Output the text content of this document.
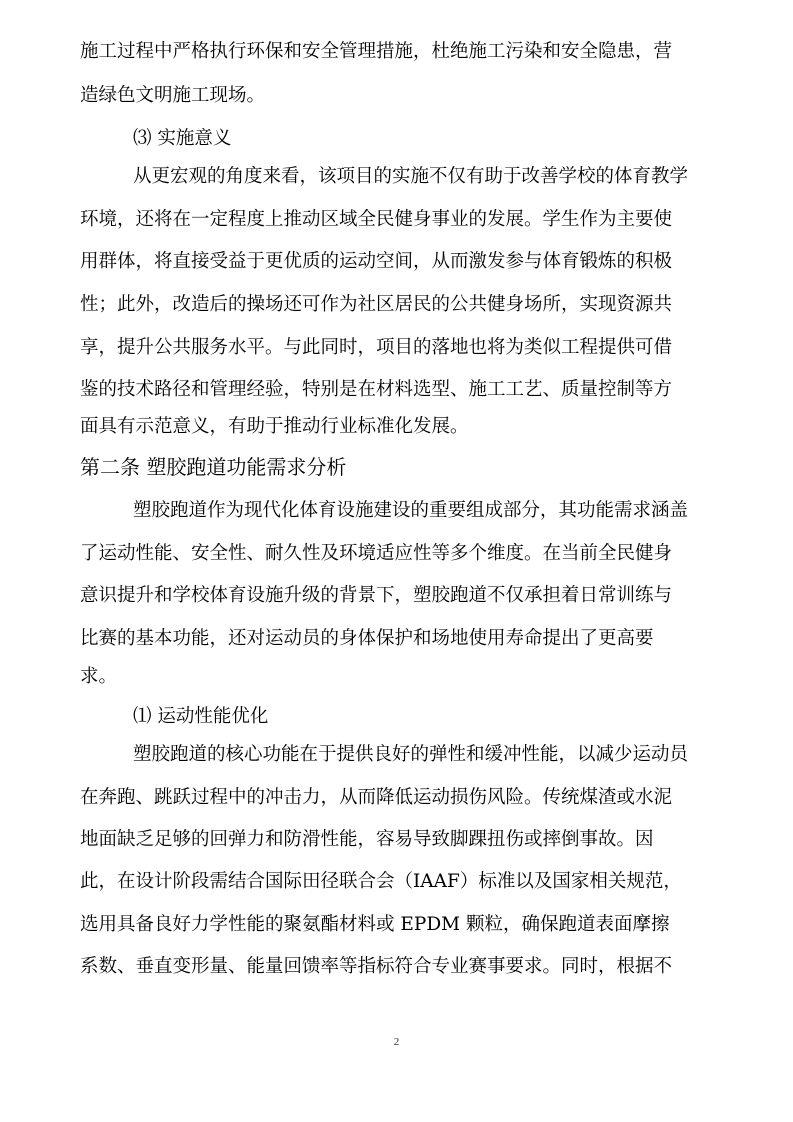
施工过程中严格执行环保和安全管理措施，杜绝施工污染和安全隐患，营

造绿色文明施工现场。

⑶ 实施意义

从更宏观的角度来看，该项目的实施不仅有助于改善学校的体育教学

环境，还将在一定程度上推动区域全民健身事业的发展。学生作为主要使

用群体，将直接受益于更优质的运动空间，从而激发参与体育锻炼的积极

性；此外，改造后的操场还可作为社区居民的公共健身场所，实现资源共

享，提升公共服务水平。与此同时，项目的落地也将为类似工程提供可借

鉴的技术路径和管理经验，特别是在材料选型、施工工艺、质量控制等方

面具有示范意义，有助于推动行业标准化发展。

第二条 塑胶跑道功能需求分析

塑胶跑道作为现代化体育设施建设的重要组成部分，其功能需求涵盖

了运动性能、安全性、耐久性及环境适应性等多个维度。在当前全民健身

意识提升和学校体育设施升级的背景下，塑胶跑道不仅承担着日常训练与

比赛的基本功能，还对运动员的身体保护和场地使用寿命提出了更高要

求。

⑴ 运动性能优化

塑胶跑道的核心功能在于提供良好的弹性和缓冲性能，以减少运动员

在奔跑、跳跃过程中的冲击力，从而降低运动损伤风险。传统煤渣或水泥

地面缺乏足够的回弹力和防滑性能，容易导致脚踝扭伤或摔倒事故。因

此，在设计阶段需结合国际田径联合会（IAAF）标准以及国家相关规范，

选用具备良好力学性能的聚氨酯材料或 EPDM 颗粒，确保跑道表面摩擦

系数、垂直变形量、能量回馈率等指标符合专业赛事要求。同时，根据不

2
